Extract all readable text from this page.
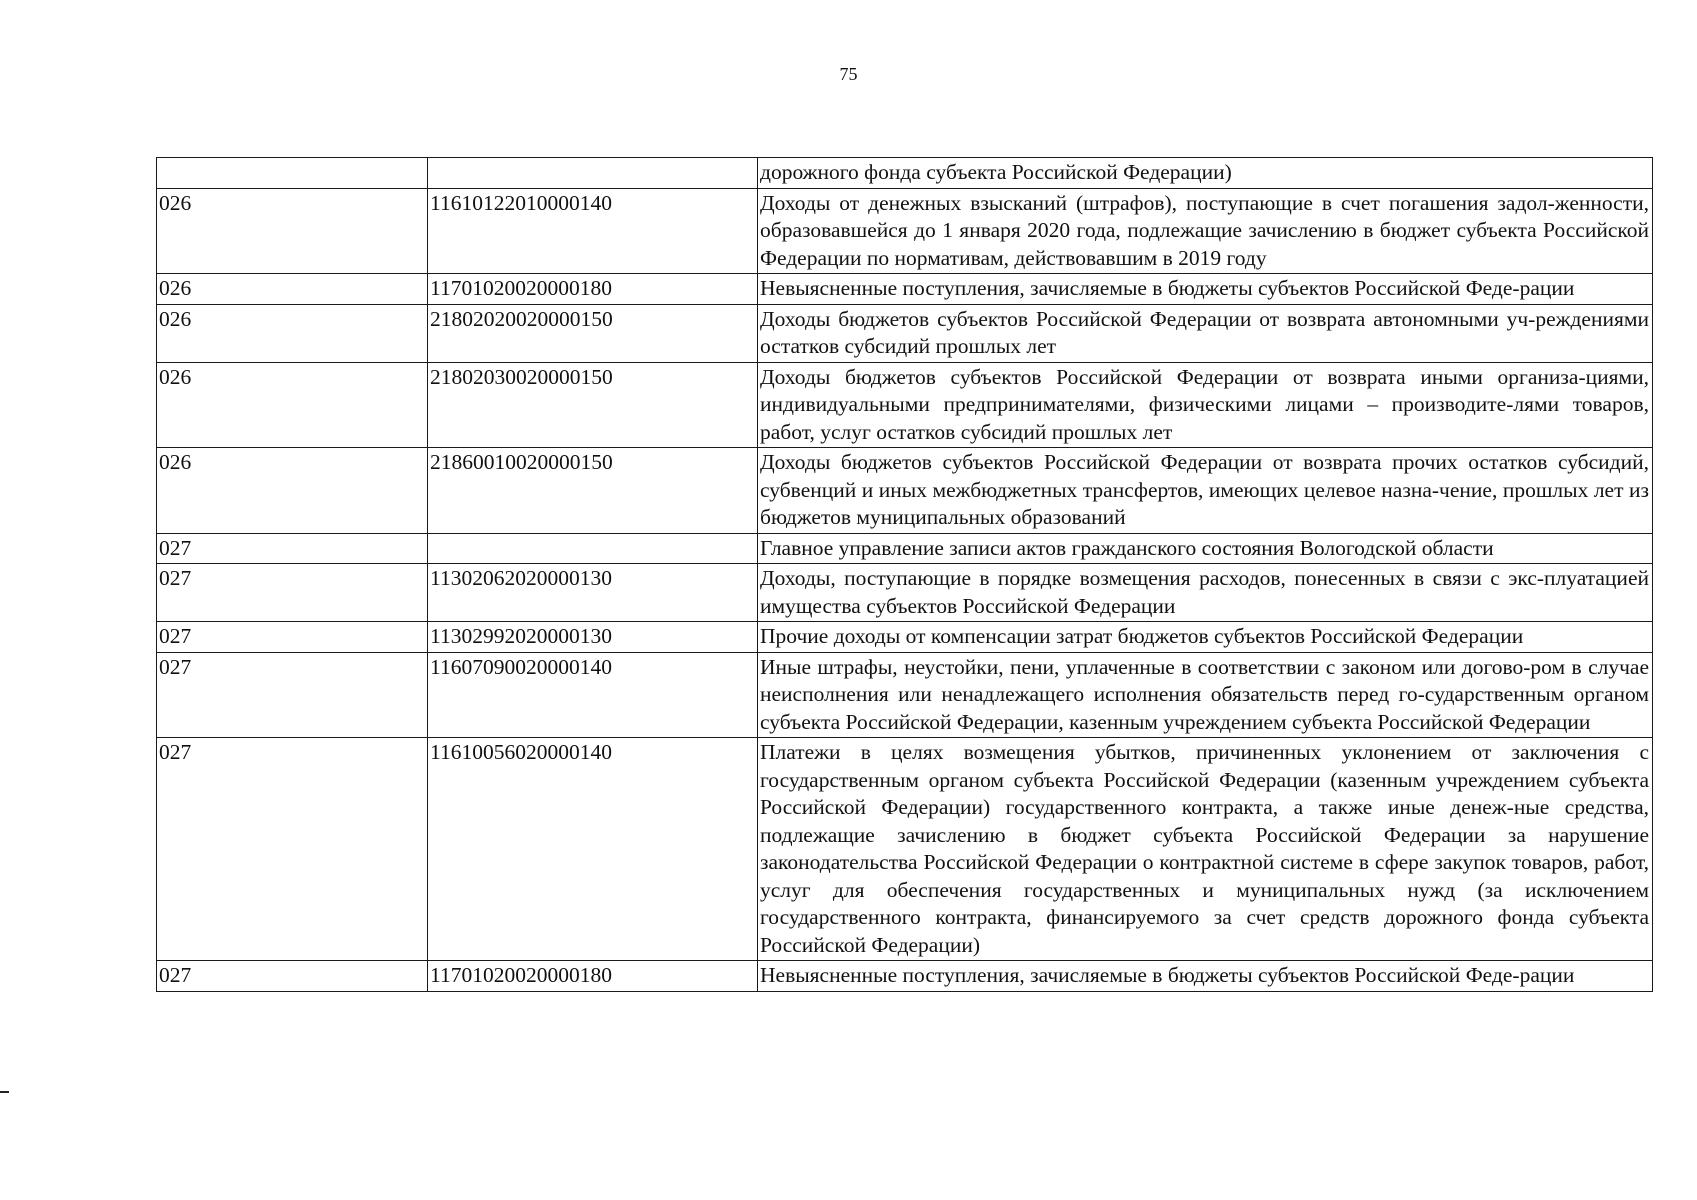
75
		дорожного фонда субъекта Российской Федерации)
026	11610122010000140	Доходы от денежных взысканий (штрафов), поступающие в счет погашения задол-женности, образовавшейся до 1 января 2020 года, подлежащие зачислению в бюджет субъекта Российской Федерации по нормативам, действовавшим в 2019 году
026	11701020020000180	Невыясненные поступления, зачисляемые в бюджеты субъектов Российской Феде-рации
026	21802020020000150	Доходы бюджетов субъектов Российской Федерации от возврата автономными уч-реждениями остатков субсидий прошлых лет
026	21802030020000150	Доходы бюджетов субъектов Российской Федерации от возврата иными организа-циями, индивидуальными предпринимателями, физическими лицами – производите-лями товаров, работ, услуг остатков субсидий прошлых лет
026	21860010020000150	Доходы бюджетов субъектов Российской Федерации от возврата прочих остатков субсидий, субвенций и иных межбюджетных трансфертов, имеющих целевое назна-чение, прошлых лет из бюджетов муниципальных образований
027		Главное управление записи актов гражданского состояния Вологодской области
027	11302062020000130	Доходы, поступающие в порядке возмещения расходов, понесенных в связи с экс-плуатацией имущества субъектов Российской Федерации
027	11302992020000130	Прочие доходы от компенсации затрат бюджетов субъектов Российской Федерации
027	11607090020000140	Иные штрафы, неустойки, пени, уплаченные в соответствии с законом или догово-ром в случае неисполнения или ненадлежащего исполнения обязательств перед го-сударственным органом субъекта Российской Федерации, казенным учреждением субъекта Российской Федерации
027	11610056020000140	Платежи в целях возмещения убытков, причиненных уклонением от заключения с государственным органом субъекта Российской Федерации (казенным учреждением субъекта Российской Федерации) государственного контракта, а также иные денеж-ные средства, подлежащие зачислению в бюджет субъекта Российской Федерации за нарушение законодательства Российской Федерации о контрактной системе в сфере закупок товаров, работ, услуг для обеспечения государственных и муниципальных нужд (за исключением государственного контракта, финансируемого за счет средств дорожного фонда субъекта Российской Федерации)
027	11701020020000180	Невыясненные поступления, зачисляемые в бюджеты субъектов Российской Феде-рации
